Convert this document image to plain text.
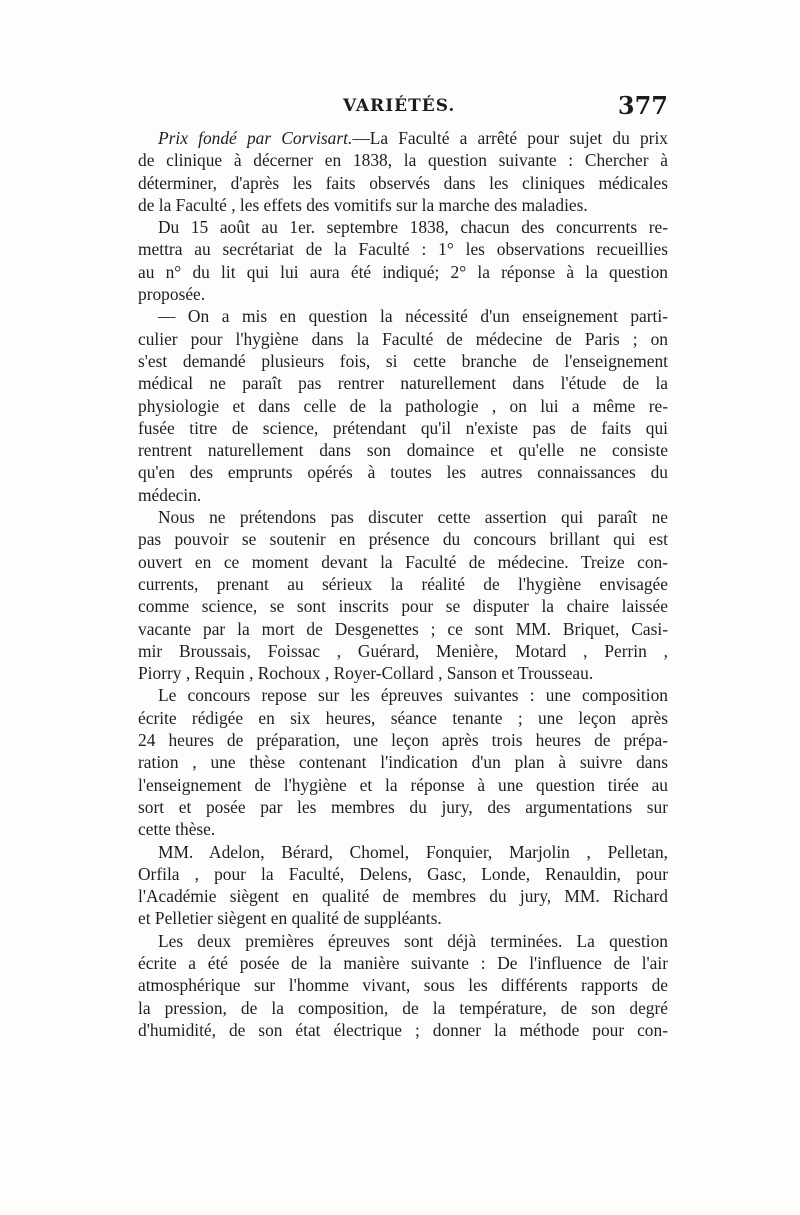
VARIÉTÉS.	377
Prix fondé par Corvisart.—La Faculté a arrêté pour sujet du prix
de clinique à décerner en 1838, la question suivante : Chercher à
déterminer, d'après les faits observés dans les cliniques médicales
de la Faculté , les effets des vomitifs sur la marche des maladies.
Du 15 août au 1er. septembre 1838, chacun des concurrents re-
mettra au secrétariat de la Faculté : 1° les observations recueillies
au n° du lit qui lui aura été indiqué; 2° la réponse à la question
proposée.
— On a mis en question la nécessité d'un enseignement parti-
culier pour l'hygiène dans la Faculté de médecine de Paris ; on
s'est demandé plusieurs fois, si cette branche de l'enseignement
médical ne paraît pas rentrer naturellement dans l'étude de la
physiologie et dans celle de la pathologie , on lui a même re-
fusée titre de science, prétendant qu'il n'existe pas de faits qui
rentrent naturellement dans son domaince et qu'elle ne consiste
qu'en des emprunts opérés à toutes les autres connaissances du
médecin.
Nous ne prétendons pas discuter cette assertion qui paraît ne
pas pouvoir se soutenir en présence du concours brillant qui est
ouvert en ce moment devant la Faculté de médecine. Treize con-
currents, prenant au sérieux la réalité de l'hygiène envisagée
comme science, se sont inscrits pour se disputer la chaire laissée
vacante par la mort de Desgenettes ; ce sont MM. Briquet, Casi-
mir Broussais, Foissac , Guérard, Menière, Motard , Perrin ,
Piorry , Requin , Rochoux , Royer-Collard , Sanson et Trousseau.
Le concours repose sur les épreuves suivantes : une composition
écrite rédigée en six heures, séance tenante ; une leçon après
24 heures de préparation, une leçon après trois heures de prépa-
ration , une thèse contenant l'indication d'un plan à suivre dans
l'enseignement de l'hygiène et la réponse à une question tirée au
sort et posée par les membres du jury, des argumentations sur
cette thèse.
MM. Adelon, Bérard, Chomel, Fonquier, Marjolin , Pelletan,
Orfila , pour la Faculté, Delens, Gasc, Londe, Renauldin, pour
l'Académie siègent en qualité de membres du jury, MM. Richard
et Pelletier siègent en qualité de suppléants.
Les deux premières épreuves sont déjà terminées. La question
écrite a été posée de la manière suivante : De l'influence de l'air
atmosphérique sur l'homme vivant, sous les différents rapports de
la pression, de la composition, de la température, de son degré
d'humidité, de son état électrique ; donner la méthode pour con-
